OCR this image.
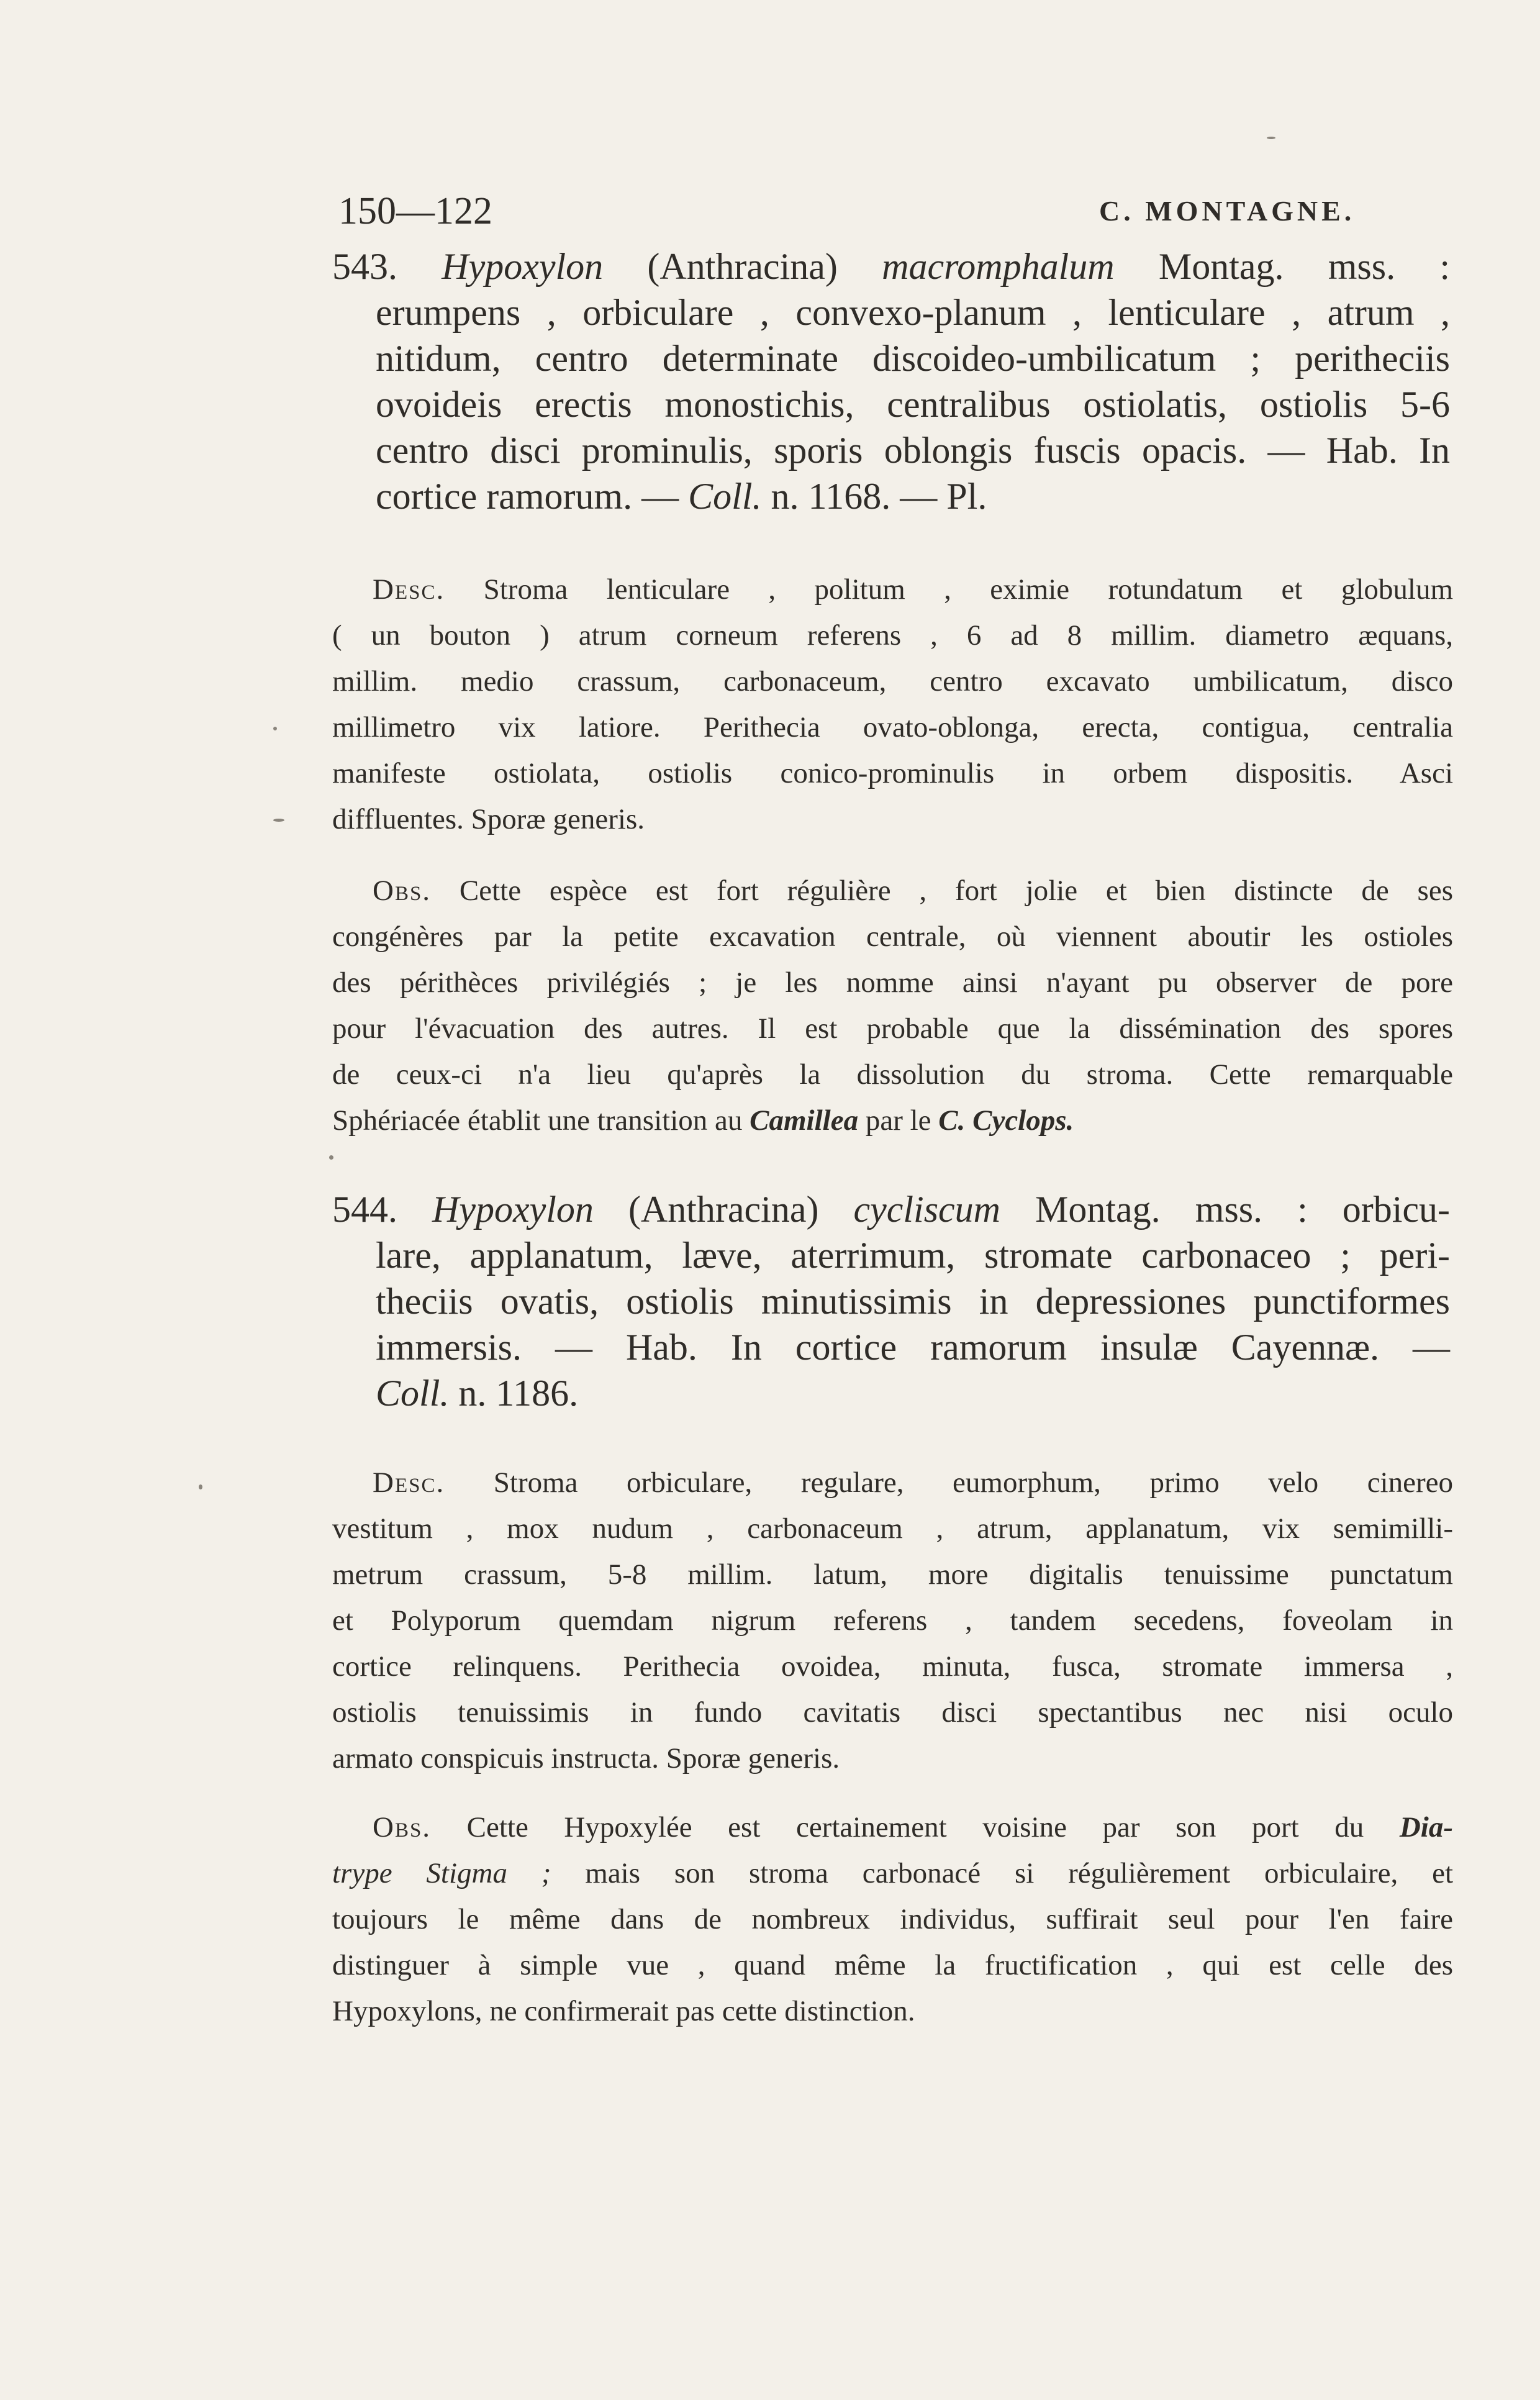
150—122	C. MONTAGNE.
543. Hypoxylon (Anthracina) macromphalum Montag. mss. :
erumpens , orbiculare , convexo-planum , lenticulare , atrum ,
nitidum, centro determinate discoideo-umbilicatum ; peritheciis
ovoideis erectis monostichis, centralibus ostiolatis, ostiolis 5-6
centro disci prominulis, sporis oblongis fuscis opacis. — Hab. In
cortice ramorum. — Coll. n. 1168. — Pl.
Desc. Stroma lenticulare , politum , eximie rotundatum et globulum
( un bouton ) atrum corneum referens , 6 ad 8 millim. diametro æquans,
millim. medio crassum, carbonaceum, centro excavato umbilicatum, disco
millimetro vix latiore. Perithecia ovato-oblonga, erecta, contigua, centralia
manifeste ostiolata, ostiolis conico-prominulis in orbem dispositis. Asci
diffluentes. Sporæ generis.
Obs. Cette espèce est fort régulière , fort jolie et bien distincte de ses
congénères par la petite excavation centrale, où viennent aboutir les ostioles
des périthèces privilégiés ; je les nomme ainsi n'ayant pu observer de pore
pour l'évacuation des autres. Il est probable que la dissémination des spores
de ceux-ci n'a lieu qu'après la dissolution du stroma. Cette remarquable
Sphériacée établit une transition au Camillea par le C. Cyclops.
544. Hypoxylon (Anthracina) cycliscum Montag. mss. : orbicu-
lare, applanatum, læve, aterrimum, stromate carbonaceo ; peri-
theciis ovatis, ostiolis minutissimis in depressiones punctiformes
immersis. — Hab. In cortice ramorum insulæ Cayennæ. —
Coll. n. 1186.
Desc. Stroma orbiculare, regulare, eumorphum, primo velo cinereo
vestitum , mox nudum , carbonaceum , atrum, applanatum, vix semimilli-
metrum crassum, 5-8 millim. latum, more digitalis tenuissime punctatum
et Polyporum quemdam nigrum referens , tandem secedens, foveolam in
cortice relinquens. Perithecia ovoidea, minuta, fusca, stromate immersa ,
ostiolis tenuissimis in fundo cavitatis disci spectantibus nec nisi oculo
armato conspicuis instructa. Sporæ generis.
Obs. Cette Hypoxylée est certainement voisine par son port du Dia-
trype Stigma ; mais son stroma carbonacé si régulièrement orbiculaire, et
toujours le même dans de nombreux individus, suffirait seul pour l'en faire
distinguer à simple vue , quand même la fructification , qui est celle des
Hypoxylons, ne confirmerait pas cette distinction.
